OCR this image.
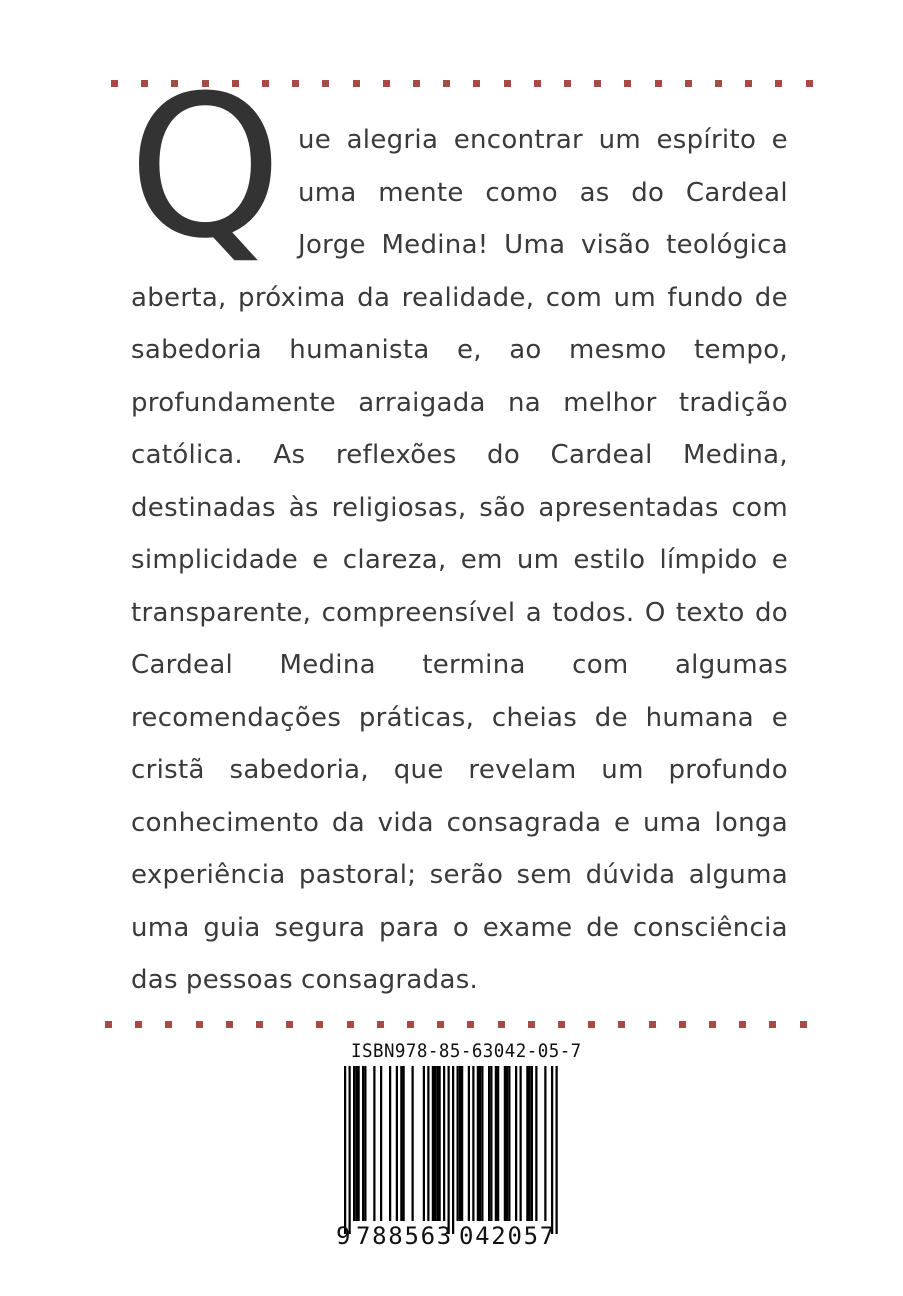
Q ue alegria encontrar um espírito e
uma mente como as do Cardeal
Jorge Medina! Uma visão teológica
aberta, próxima da realidade, com um fundo de
sabedoria humanista e, ao mesmo tempo,
profundamente arraigada na melhor tradição
católica. As reflexões do Cardeal Medina,
destinadas às religiosas, são apresentadas com
simplicidade e clareza, em um estilo límpido e
transparente, compreensível a todos. O texto do
Cardeal Medina termina com algumas
recomendações práticas, cheias de humana e
cristã sabedoria, que revelam um profundo
conhecimento da vida consagrada e uma longa
experiência pastoral; serão sem dúvida alguma
uma guia segura para o exame de consciência
das pessoas consagradas.
ISBN978-85-63042-05-7
9 788563 042057
